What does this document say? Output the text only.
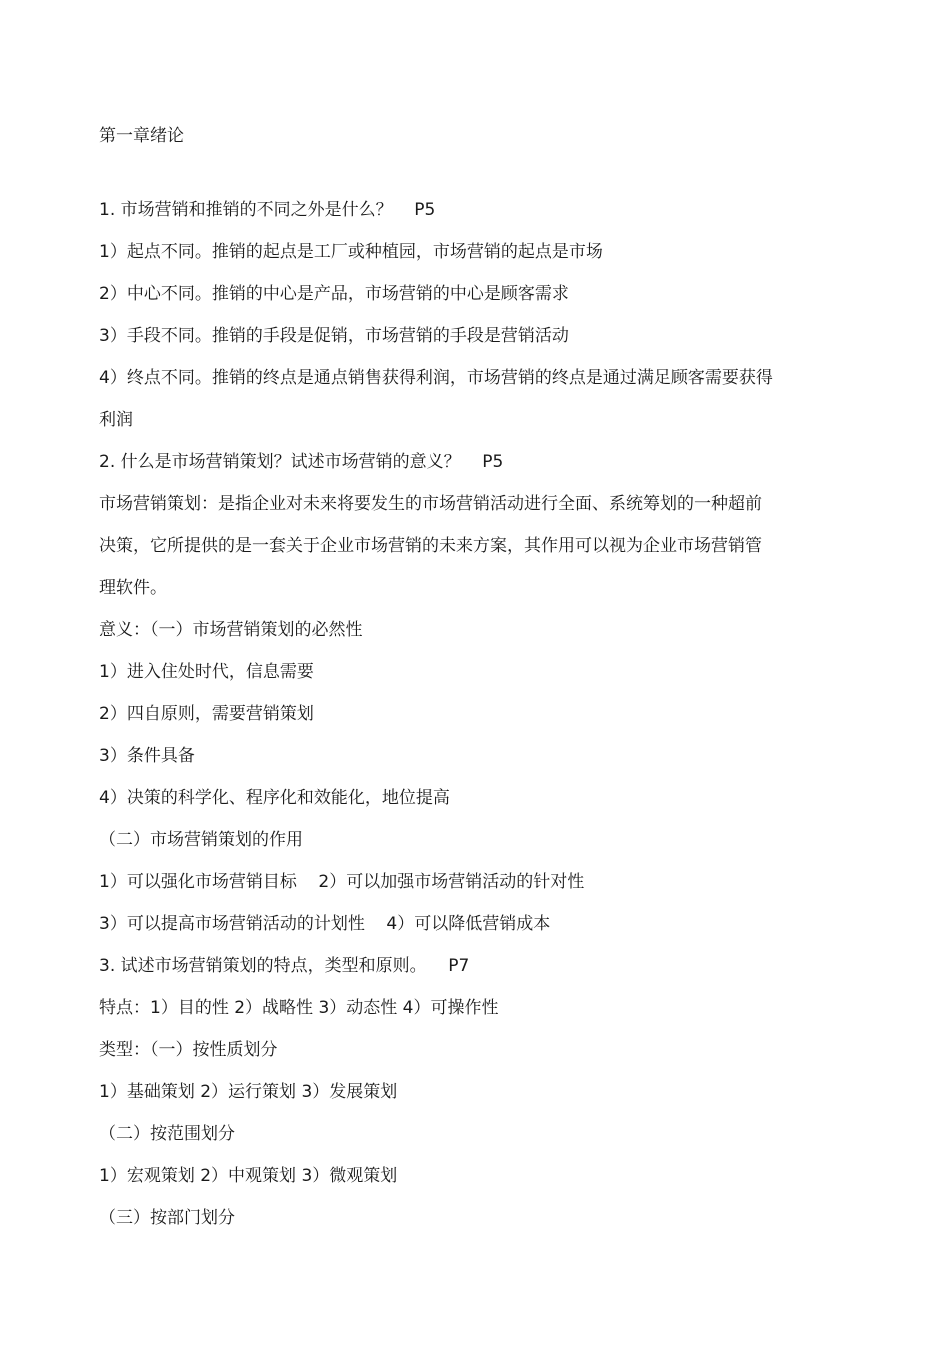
第一章绪论
1. 市场营销和推销的不同之外是什么？    P5
1）起点不同。推销的起点是工厂或种植园，市场营销的起点是市场
2）中心不同。推销的中心是产品，市场营销的中心是顾客需求
3）手段不同。推销的手段是促销，市场营销的手段是营销活动
4）终点不同。推销的终点是通点销售获得利润，市场营销的终点是通过满足顾客需要获得
利润
2. 什么是市场营销策划？试述市场营销的意义？    P5
市场营销策划：是指企业对未来将要发生的市场营销活动进行全面、系统筹划的一种超前
决策，它所提供的是一套关于企业市场营销的未来方案，其作用可以视为企业市场营销管
理软件。
意义：（一）市场营销策划的必然性
1）进入住处时代，信息需要
2）四自原则，需要营销策划
3）条件具备
4）决策的科学化、程序化和效能化，地位提高
（二）市场营销策划的作用
1）可以强化市场营销目标    2）可以加强市场营销活动的针对性
3）可以提高市场营销活动的计划性    4）可以降低营销成本
3. 试述市场营销策划的特点，类型和原则。    P7
特点：1）目的性 2）战略性 3）动态性 4）可操作性
类型：（一）按性质划分
1）基础策划 2）运行策划 3）发展策划
（二）按范围划分
1）宏观策划 2）中观策划 3）微观策划
（三）按部门划分
